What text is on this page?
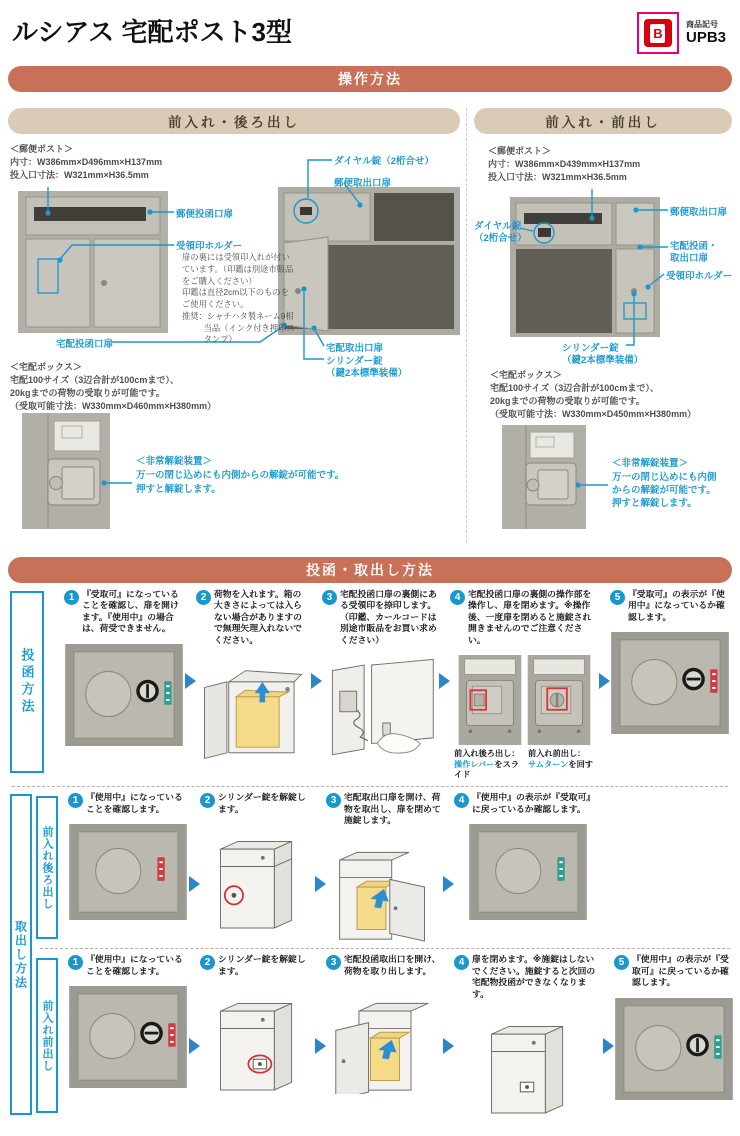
ルシアス 宅配ポスト3型	B
商品記号
UPB3
操作方法
前入れ・後ろ出し
＜郵便ポスト＞
内寸：W386mm×D496mm×H137mm
投入口寸法：W321mm×H36.5mm
郵便投函口扉
受領印ホルダー

扉の裏には受領印入れが付いています。（印鑑は別途市販品をご購入ください）

印鑑は直径2cm以下のものをご使用ください。

推奨：シャチハタ製ネーム9相当品（インク付き押印スタンプ）

宅配投函口扉
ダイヤル錠（2桁合せ）
郵便取出口扉
宅配取出口扉
シリンダー錠
（鍵2本標準装備）
＜宅配ボックス＞
宅配100サイズ（3辺合計が100cmまで）、
20kgまでの荷物の受取りが可能です。
（受取可能寸法：W330mm×D460mm×H380mm）
＜非常解錠装置＞
万一の閉じ込めにも内側からの解錠が可能です。
押すと解錠します。
前入れ・前出し
＜郵便ポスト＞
内寸：W386mm×D439mm×H137mm
投入口寸法：W321mm×H36.5mm
ダイヤル錠
（2桁合せ）
郵便取出口扉
宅配投函・
取出口扉
受領印ホルダー
シリンダー錠
（鍵2本標準装備）
＜宅配ボックス＞
宅配100サイズ（3辺合計が100cmまで）、
20kgまでの荷物の受取りが可能です。
（受取可能寸法：W330mm×D450mm×H380mm）
＜非常解錠装置＞
万一の閉じ込めにも内側
からの解錠が可能です。
押すと解錠します。
投函・取出し方法
投函方法
1 『受取可』になっていることを確認し、扉を開けます。『使用中』の場合は、荷受できません。

2 荷物を入れます。箱の大きさによっては入らない場合がありますので無理矢理入れないでください。

3 宅配投函口扉の裏側にある受領印を捺印します。（印鑑、カールコードは別途市販品をお買い求めください）

4 宅配投函口扉の裏側の操作部を操作し、扉を閉めます。※操作後、一度扉を閉めると施錠され開きませんのでご注意ください。

前入れ後ろ出し：
操作レバーをスライド
前入れ前出し：
サムターンを回す
5 『受取可』の表示が『使用中』になっているか確認します。

取出し方法
前入れ後ろ出し
1 『使用中』になっていることを確認します。

2 シリンダー錠を解錠します。

3 宅配取出口扉を開け、荷物を取出し、扉を閉めて施錠します。

4 『使用中』の表示が『受取可』に戻っているか確認します。

前入れ前出し
1 『使用中』になっていることを確認します。

2 シリンダー錠を解錠します。

3 宅配投函取出口を開け、荷物を取り出します。

4 扉を閉めます。※施錠はしないでください。施錠すると次回の宅配物投函ができなくなります。

5 『使用中』の表示が『受取可』に戻っているか確認します。
